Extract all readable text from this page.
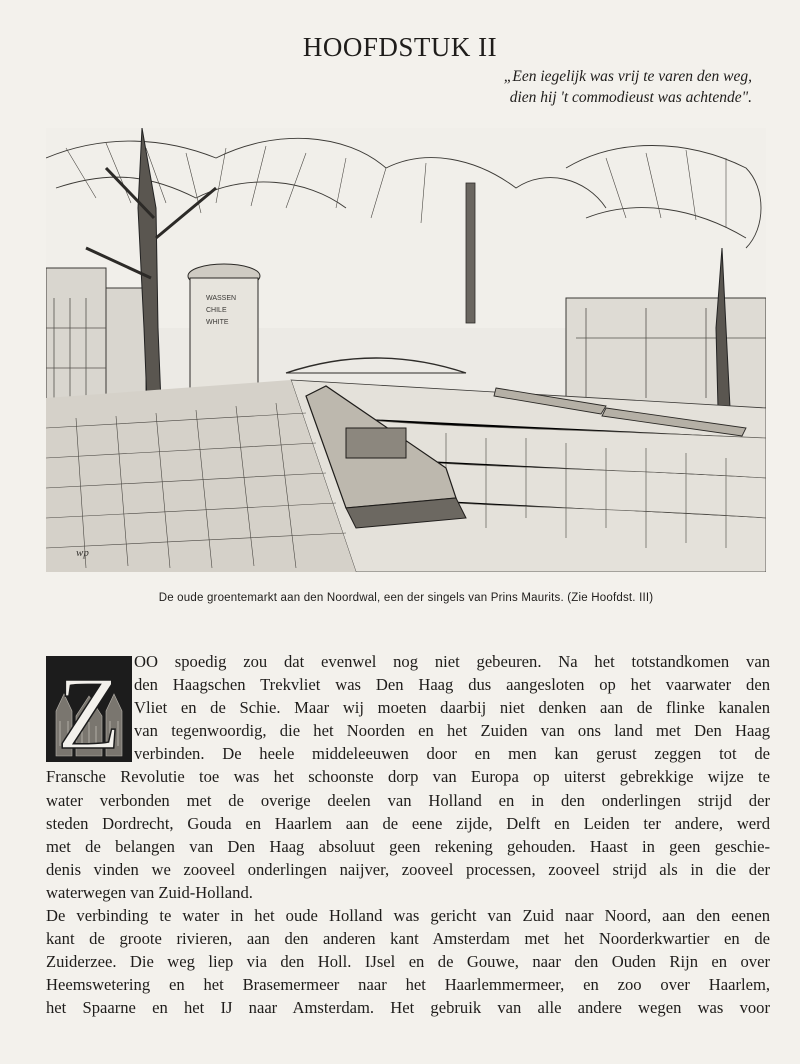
HOOFDSTUK II
„Een iegelijk was vrij te varen den weg,
dien hij 't commodieust was achtende".
WASSEN
CHILE
WHITE
wp
De oude groentemarkt aan den Noordwal, een der singels van Prins Maurits. (Zie Hoofdst. III)
Z OO spoedig zou dat evenwel nog niet gebeuren. Na het totstandkomen van
den Haagschen Trekvliet was Den Haag dus aangesloten op het vaarwater den
Vliet en de Schie. Maar wij moeten daarbij niet denken aan de flinke kanalen
van tegenwoordig, die het Noorden en het Zuiden van ons land met Den Haag
verbinden. De heele middeleeuwen door en men kan gerust zeggen tot de
Fransche Revolutie toe was het schoonste dorp van Europa op uiterst gebrekkige wijze te
water verbonden met de overige deelen van Holland en in den onderlingen strijd der
steden Dordrecht, Gouda en Haarlem aan de eene zijde, Delft en Leiden ter andere, werd
met de belangen van Den Haag absoluut geen rekening gehouden. Haast in geen geschie-
denis vinden we zooveel onderlingen naijver, zooveel processen, zooveel strijd als in die der
waterwegen van Zuid-Holland.
De verbinding te water in het oude Holland was gericht van Zuid naar Noord, aan den eenen
kant de groote rivieren, aan den anderen kant Amsterdam met het Noorderkwartier en de
Zuiderzee. Die weg liep via den Holl. IJsel en de Gouwe, naar den Ouden Rijn en over
Heemswetering en het Brasemermeer naar het Haarlemmermeer, en zoo over Haarlem,
het Spaarne en het IJ naar Amsterdam. Het gebruik van alle andere wegen was voor
